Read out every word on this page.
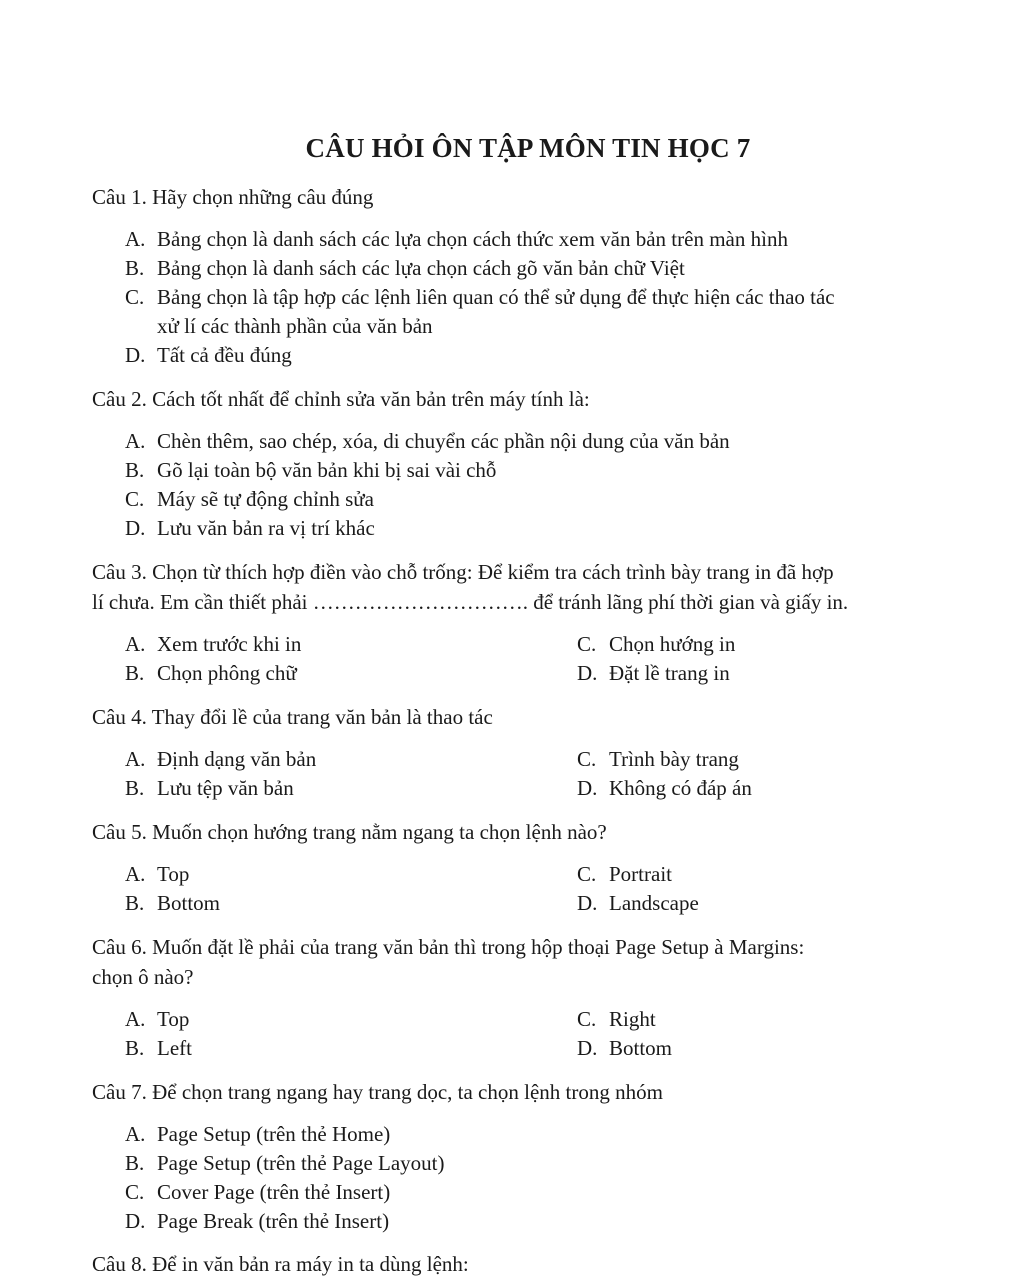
CÂU HỎI ÔN TẬP MÔN TIN HỌC 7
Câu 1. Hãy chọn những câu đúng
A. Bảng chọn là danh sách các lựa chọn cách thức xem văn bản trên màn hình
B. Bảng chọn là danh sách các lựa chọn cách gõ văn bản chữ Việt
C. Bảng chọn là tập hợp các lệnh liên quan có thể sử dụng để thực hiện các thao tác
xử lí các thành phần của văn bản
D. Tất cả đều đúng
Câu 2. Cách tốt nhất để chỉnh sửa văn bản trên máy tính là:
A. Chèn thêm, sao chép, xóa, di chuyển các phần nội dung của văn bản
B. Gõ lại toàn bộ văn bản khi bị sai vài chỗ
C. Máy sẽ tự động chỉnh sửa
D. Lưu văn bản ra vị trí khác
Câu 3. Chọn từ thích hợp điền vào chỗ trống: Để kiểm tra cách trình bày trang in đã hợp
lí chưa. Em cần thiết phải …………………………. để tránh lãng phí thời gian và giấy in.
A. Xem trước khi in	C. Chọn hướng in
B. Chọn phông chữ	D. Đặt lề trang in
Câu 4. Thay đổi lề của trang văn bản là thao tác
A. Định dạng văn bản	C. Trình bày trang
B. Lưu tệp văn bản	D. Không có đáp án
Câu 5. Muốn chọn hướng trang nằm ngang ta chọn lệnh nào?
A. Top	C. Portrait
B. Bottom	D. Landscape
Câu 6. Muốn đặt lề phải của trang văn bản thì trong hộp thoại Page Setup à Margins:
chọn ô nào?
A. Top	C. Right
B. Left	D. Bottom
Câu 7. Để chọn trang ngang hay trang dọc, ta chọn lệnh trong nhóm
A. Page Setup (trên thẻ Home)
B. Page Setup (trên thẻ Page Layout)
C. Cover Page (trên thẻ Insert)
D. Page Break (trên thẻ Insert)
Câu 8. Để in văn bản ra máy in ta dùng lệnh:
